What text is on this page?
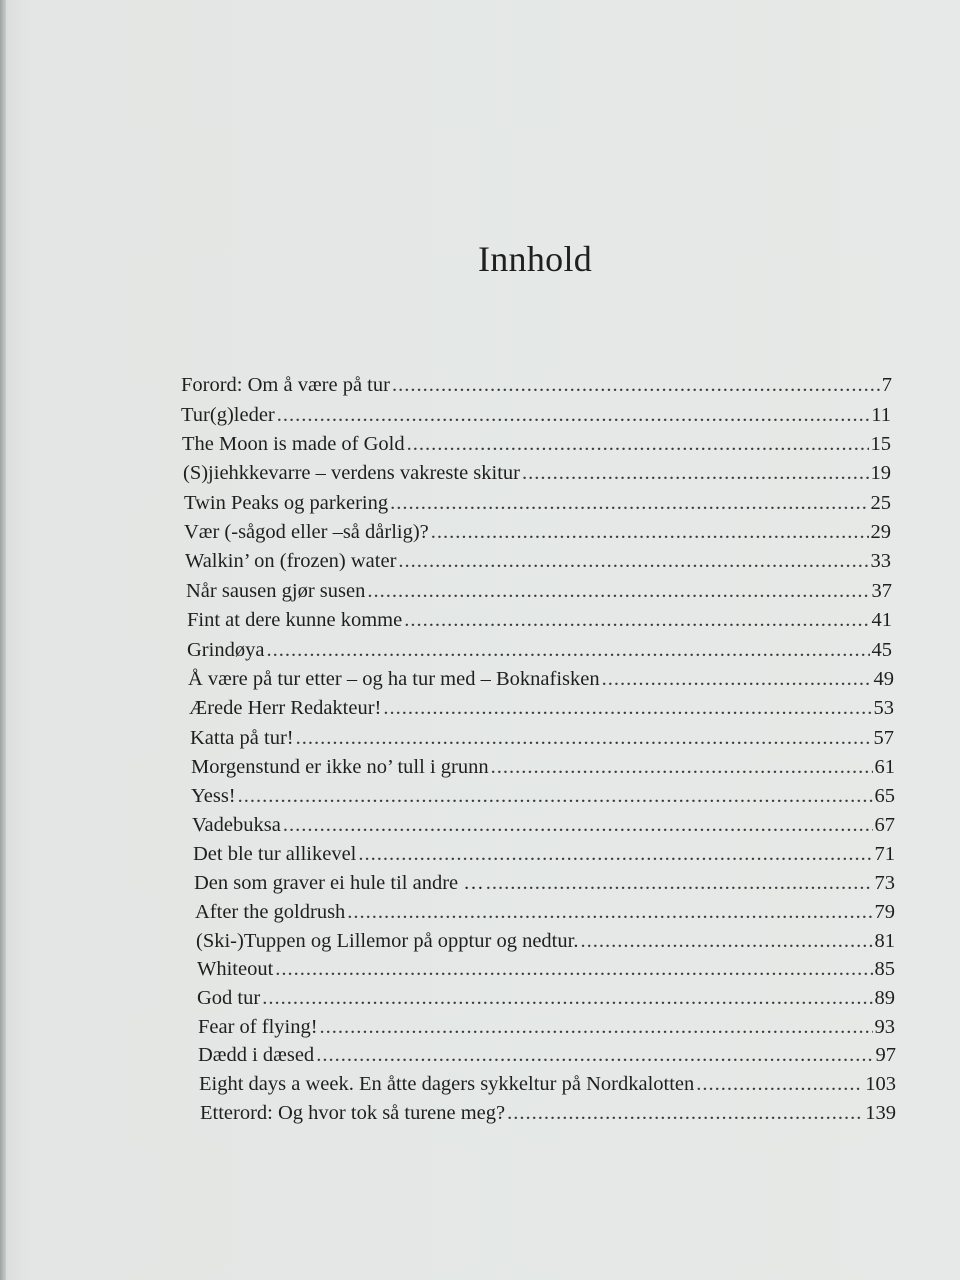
Innhold
Forord: Om å være på tur .....	7
Tur(g)leder .....	11
The Moon is made of Gold .....	15
(S)jiehkkevarre – verdens vakreste skitur .....	19
Twin Peaks og parkering .....	25
Vær (-sågod eller –så dårlig)? .....	29
Walkin’ on (frozen) water .....	33
Når sausen gjør susen .....	37
Fint at dere kunne komme .....	41
Grindøya .....	45
Å være på tur etter – og ha tur med – Boknafisken .....	49
Ærede Herr Redakteur! .....	53
Katta på tur! .....	57
Morgenstund er ikke no’ tull i grunn .....	61
Yess! .....	65
Vadebuksa .....	67
Det ble tur allikevel .....	71
Den som graver ei hule til andre … .....	73
After the goldrush .....	79
(Ski-)Tuppen og Lillemor på opptur og nedtur. .....	81
Whiteout .....	85
God tur .....	89
Fear of flying! .....	93
Dædd i dæsed .....	97
Eight days a week. En åtte dagers sykkeltur på Nordkalotten .....	103
Etterord: Og hvor tok så turene meg? .....	139
